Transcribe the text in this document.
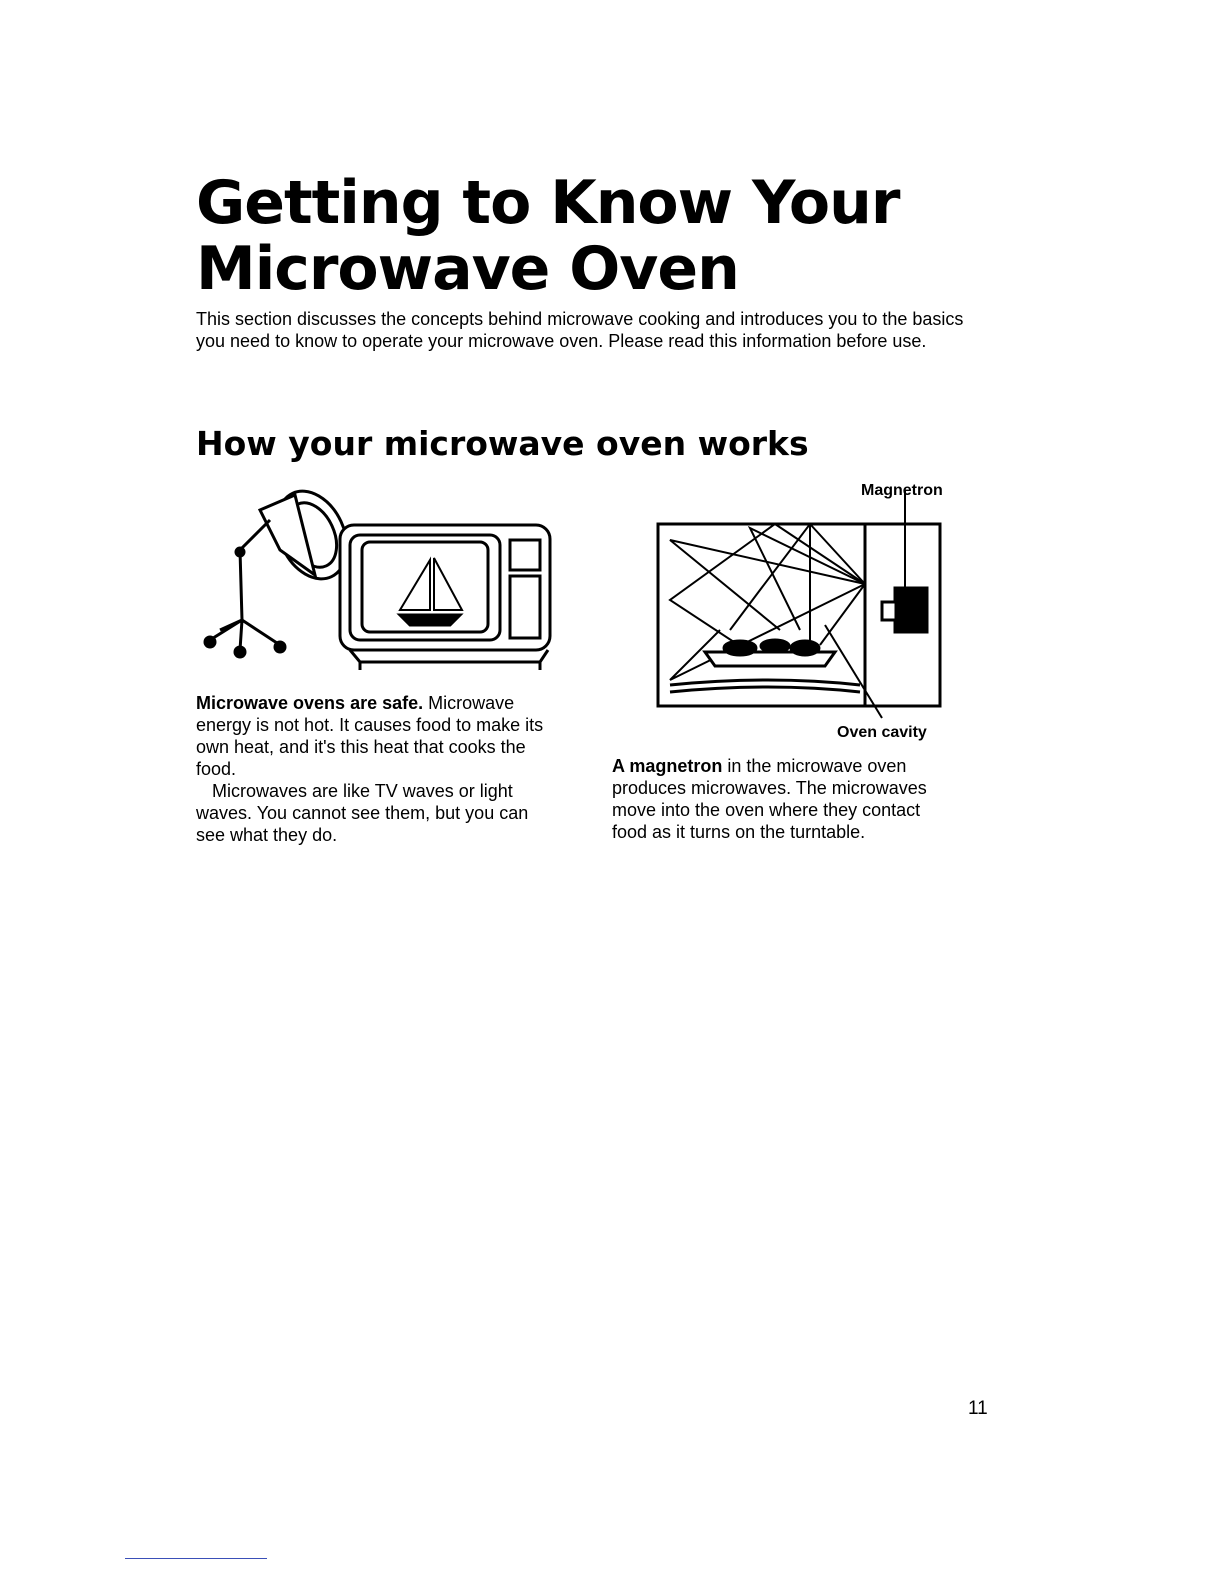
Getting to Know Your
Microwave Oven

This section discusses the concepts behind microwave cooking and introduces you to the basics you need to know to operate your microwave oven. Please read this information before use.

How your microwave oven works

Magnetron

Oven cavity

Microwave ovens are safe. Microwave energy is not hot. It causes food to make its own heat, and it's this heat that cooks the food.

Microwaves are like TV waves or light waves. You cannot see them, but you can see what they do.

A magnetron in the microwave oven produces microwaves. The microwaves move into the oven where they contact food as it turns on the turntable.

11
